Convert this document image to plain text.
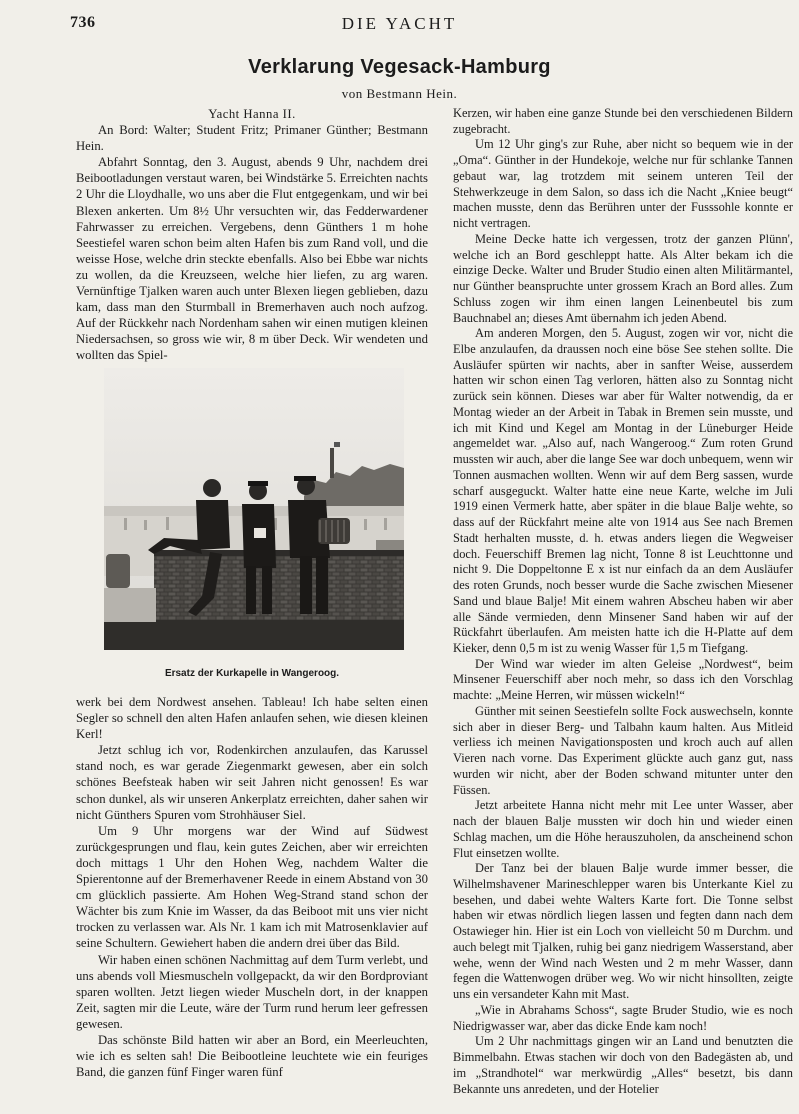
736	DIE YACHT
Verklarung Vegesack-Hamburg
von Bestmann Hein.

Yacht Hanna II.

An Bord: Walter; Student Fritz; Primaner Günther; Bestmann Hein.

Abfahrt Sonntag, den 3. August, abends 9 Uhr, nachdem drei Beibootladungen verstaut waren, bei Windstärke 5. Erreichten nachts 2 Uhr die Lloydhalle, wo uns aber die Flut entgegenkam, und wir bei Blexen ankerten. Um 8½ Uhr versuchten wir, das Fedderwardener Fahrwasser zu erreichen. Vergebens, denn Günthers 1 m hohe Seestiefel waren schon beim alten Hafen bis zum Rand voll, und die weisse Hose, welche drin steckte ebenfalls. Also bei Ebbe war nichts zu wollen, da die Kreuzseen, welche hier liefen, zu arg waren. Vernünftige Tjalken waren auch unter Blexen liegen geblieben, dazu kam, dass man den Sturmball in Bremerhaven auch noch aufzog. Auf der Rückkehr nach Nordenham sahen wir einen mutigen kleinen Niedersachsen, so gross wie wir, 8 m über Deck. Wir wendeten und wollten das Spiel-

Ersatz der Kurkapelle in Wangeroog.

werk bei dem Nordwest ansehen. Tableau! Ich habe selten einen Segler so schnell den alten Hafen anlaufen sehen, wie diesen kleinen Kerl!

Jetzt schlug ich vor, Rodenkirchen anzulaufen, das Karussel stand noch, es war gerade Ziegenmarkt gewesen, aber ein solch schönes Beefsteak haben wir seit Jahren nicht genossen! Es war schon dunkel, als wir unseren Ankerplatz erreichten, daher sahen wir nicht Günthers Spuren vom Strohhäuser Siel.

Um 9 Uhr morgens war der Wind auf Südwest zurückgesprungen und flau, kein gutes Zeichen, aber wir erreichten doch mittags 1 Uhr den Hohen Weg, nachdem Walter die Spierentonne auf der Bremerhavener Reede in einem Abstand von 30 cm glücklich passierte. Am Hohen Weg-Strand stand schon der Wächter bis zum Knie im Wasser, da das Beiboot mit uns vier nicht trocken zu verlassen war. Als Nr. 1 kam ich mit Matrosenklavier auf seine Schultern. Gewiehert haben die andern drei über das Bild.

Wir haben einen schönen Nachmittag auf dem Turm verlebt, und uns abends voll Miesmuscheln vollgepackt, da wir den Bordproviant sparen wollten. Jetzt liegen wieder Muscheln dort, in der knappen Zeit, sagten mir die Leute, wäre der Turm rund herum leer gefressen gewesen.

Das schönste Bild hatten wir aber an Bord, ein Meerleuchten, wie ich es selten sah! Die Beibootleine leuchtete wie ein feuriges Band, die ganzen fünf Finger waren fünf

Kerzen, wir haben eine ganze Stunde bei den verschiedenen Bildern zugebracht.

Um 12 Uhr ging's zur Ruhe, aber nicht so bequem wie in der „Oma“. Günther in der Hundekoje, welche nur für schlanke Tannen gebaut war, lag trotzdem mit seinem unteren Teil der Stehwerkzeuge in dem Salon, so dass ich die Nacht „Kniee beugt“ machen musste, denn das Berühren unter der Fusssohle konnte er nicht vertragen.

Meine Decke hatte ich vergessen, trotz der ganzen Plünn', welche ich an Bord geschleppt hatte. Als Alter bekam ich die einzige Decke. Walter und Bruder Studio einen alten Militärmantel, nur Günther beanspruchte unter grossem Krach an Bord alles. Zum Schluss zogen wir ihm einen langen Leinenbeutel bis zum Bauchnabel an; dieses Amt übernahm ich jeden Abend.

Am anderen Morgen, den 5. August, zogen wir vor, nicht die Elbe anzulaufen, da draussen noch eine böse See stehen sollte. Die Ausläufer spürten wir nachts, aber in sanfter Weise, ausserdem hatten wir schon einen Tag verloren, hätten also zu Sonntag nicht zurück sein können. Dieses war aber für Walter notwendig, da er Montag wieder an der Arbeit in Tabak in Bremen sein musste, und ich mit Kind und Kegel am Montag in der Lüneburger Heide angemeldet war. „Also auf, nach Wangeroog.“ Zum roten Grund mussten wir auch, aber die lange See war doch unbequem, wenn wir Tonnen ausmachen wollten. Wenn wir auf dem Berg sassen, wurde scharf ausgeguckt. Walter hatte eine neue Karte, welche im Juli 1919 einen Vermerk hatte, aber später in die blaue Balje wehte, so dass auf der Rückfahrt meine alte von 1914 aus See nach Bremen Stadt herhalten musste, d. h. etwas anders liegen die Wegweiser doch. Feuerschiff Bremen lag nicht, Tonne 8 ist Leuchttonne und nicht 9. Die Doppeltonne E x ist nur einfach da an dem Ausläufer des roten Grunds, noch besser wurde die Sache zwischen Miesener Sand und blaue Balje! Mit einem wahren Abscheu haben wir aber alle Sände vermieden, denn Minsener Sand haben wir auf der Rückfahrt überlaufen. Am meisten hatte ich die H-Platte auf dem Kieker, denn 0,5 m ist zu wenig Wasser für 1,5 m Tiefgang.

Der Wind war wieder im alten Geleise „Nordwest“, beim Minsener Feuerschiff aber noch mehr, so dass ich den Vorschlag machte: „Meine Herren, wir müssen wickeln!“

Günther mit seinen Seestiefeln sollte Fock auswechseln, konnte sich aber in dieser Berg- und Talbahn kaum halten. Aus Mitleid verliess ich meinen Navigationsposten und kroch auch auf allen Vieren nach vorne. Das Experiment glückte auch ganz gut, nass wurden wir nicht, aber der Boden schwand mitunter unter den Füssen.

Jetzt arbeitete Hanna nicht mehr mit Lee unter Wasser, aber nach der blauen Balje mussten wir doch hin und wieder einen Schlag machen, um die Höhe herauszuholen, da anscheinend schon Flut einsetzen wollte.

Der Tanz bei der blauen Balje wurde immer besser, die Wilhelmshavener Marineschlepper waren bis Unterkante Kiel zu besehen, und dabei wehte Walters Karte fort. Die Tonne selbst haben wir etwas nördlich liegen lassen und fegten dann nach dem Ostawieger hin. Hier ist ein Loch von vielleicht 50 m Durchm. und auch belegt mit Tjalken, ruhig bei ganz niedrigem Wasserstand, aber wehe, wenn der Wind nach Westen und 2 m mehr Wasser, dann fegen die Wattenwogen drüber weg. Wo wir nicht hinsollten, zeigte uns ein versandeter Kahn mit Mast.

„Wie in Abrahams Schoss“, sagte Bruder Studio, wie es noch Niedrigwasser war, aber das dicke Ende kam noch!

Um 2 Uhr nachmittags gingen wir an Land und benutzten die Bimmelbahn. Etwas stachen wir doch von den Badegästen ab, und im „Strandhotel“ war merkwürdig „Alles“ besetzt, bis dann Bekannte uns anredeten, und der Hotelier
